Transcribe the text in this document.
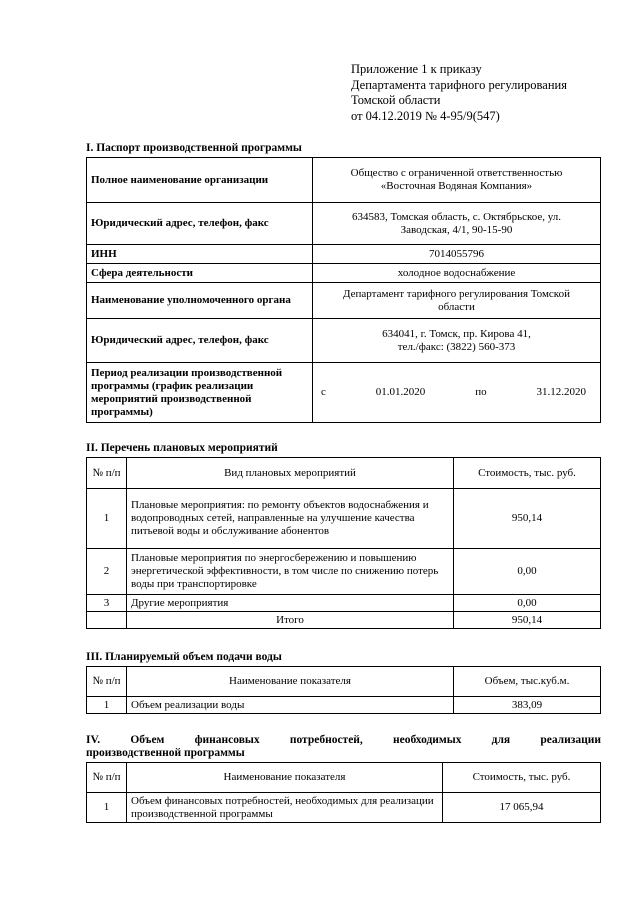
Приложение 1 к приказу
Департамента тарифного регулирования
Томской области
от 04.12.2019 № 4-95/9(547)
I. Паспорт производственной программы
Полное наименование организации	Общество с ограниченной ответственностью
«Восточная Водяная Компания»

Юридический адрес, телефон, факс	634583, Томская область, с. Октябрьское, ул.
Заводская, 4/1, 90-15-90

ИНН	7014055796
Сфера деятельности	холодное водоснабжение
Наименование уполномоченного органа	Департамент тарифного регулирования Томской
области

Юридический адрес, телефон, факс	634041, г. Томск, пр. Кирова 41,
тел./факс: (3822) 560-373

Период реализации производственной программы (график реализации мероприятий производственной программы)	с 01.01.2020 по 31.12.2020
II. Перечень плановых мероприятий
№ п/п	Вид плановых мероприятий	Стоимость, тыс. руб.
1	Плановые мероприятия: по ремонту объектов водоснабжения и водопроводных сетей, направленные на улучшение качества питьевой воды и обслуживание абонентов	950,14
2	Плановые мероприятия по энергосбережению и повышению энергетической эффективности, в том числе по снижению потерь воды при транспортировке	0,00
3	Другие мероприятия	0,00
	Итого	950,14
III. Планируемый объем подачи воды
№ п/п	Наименование показателя	Объем, тыс.куб.м.
1	Объем реализации воды	383,09
IV.	Объем	финансовых	потребностей,	необходимых	для	реализации
производственной программы
№ п/п	Наименование показателя	Стоимость, тыс. руб.
1	Объем финансовых потребностей, необходимых для реализации производственной программы	17 065,94
